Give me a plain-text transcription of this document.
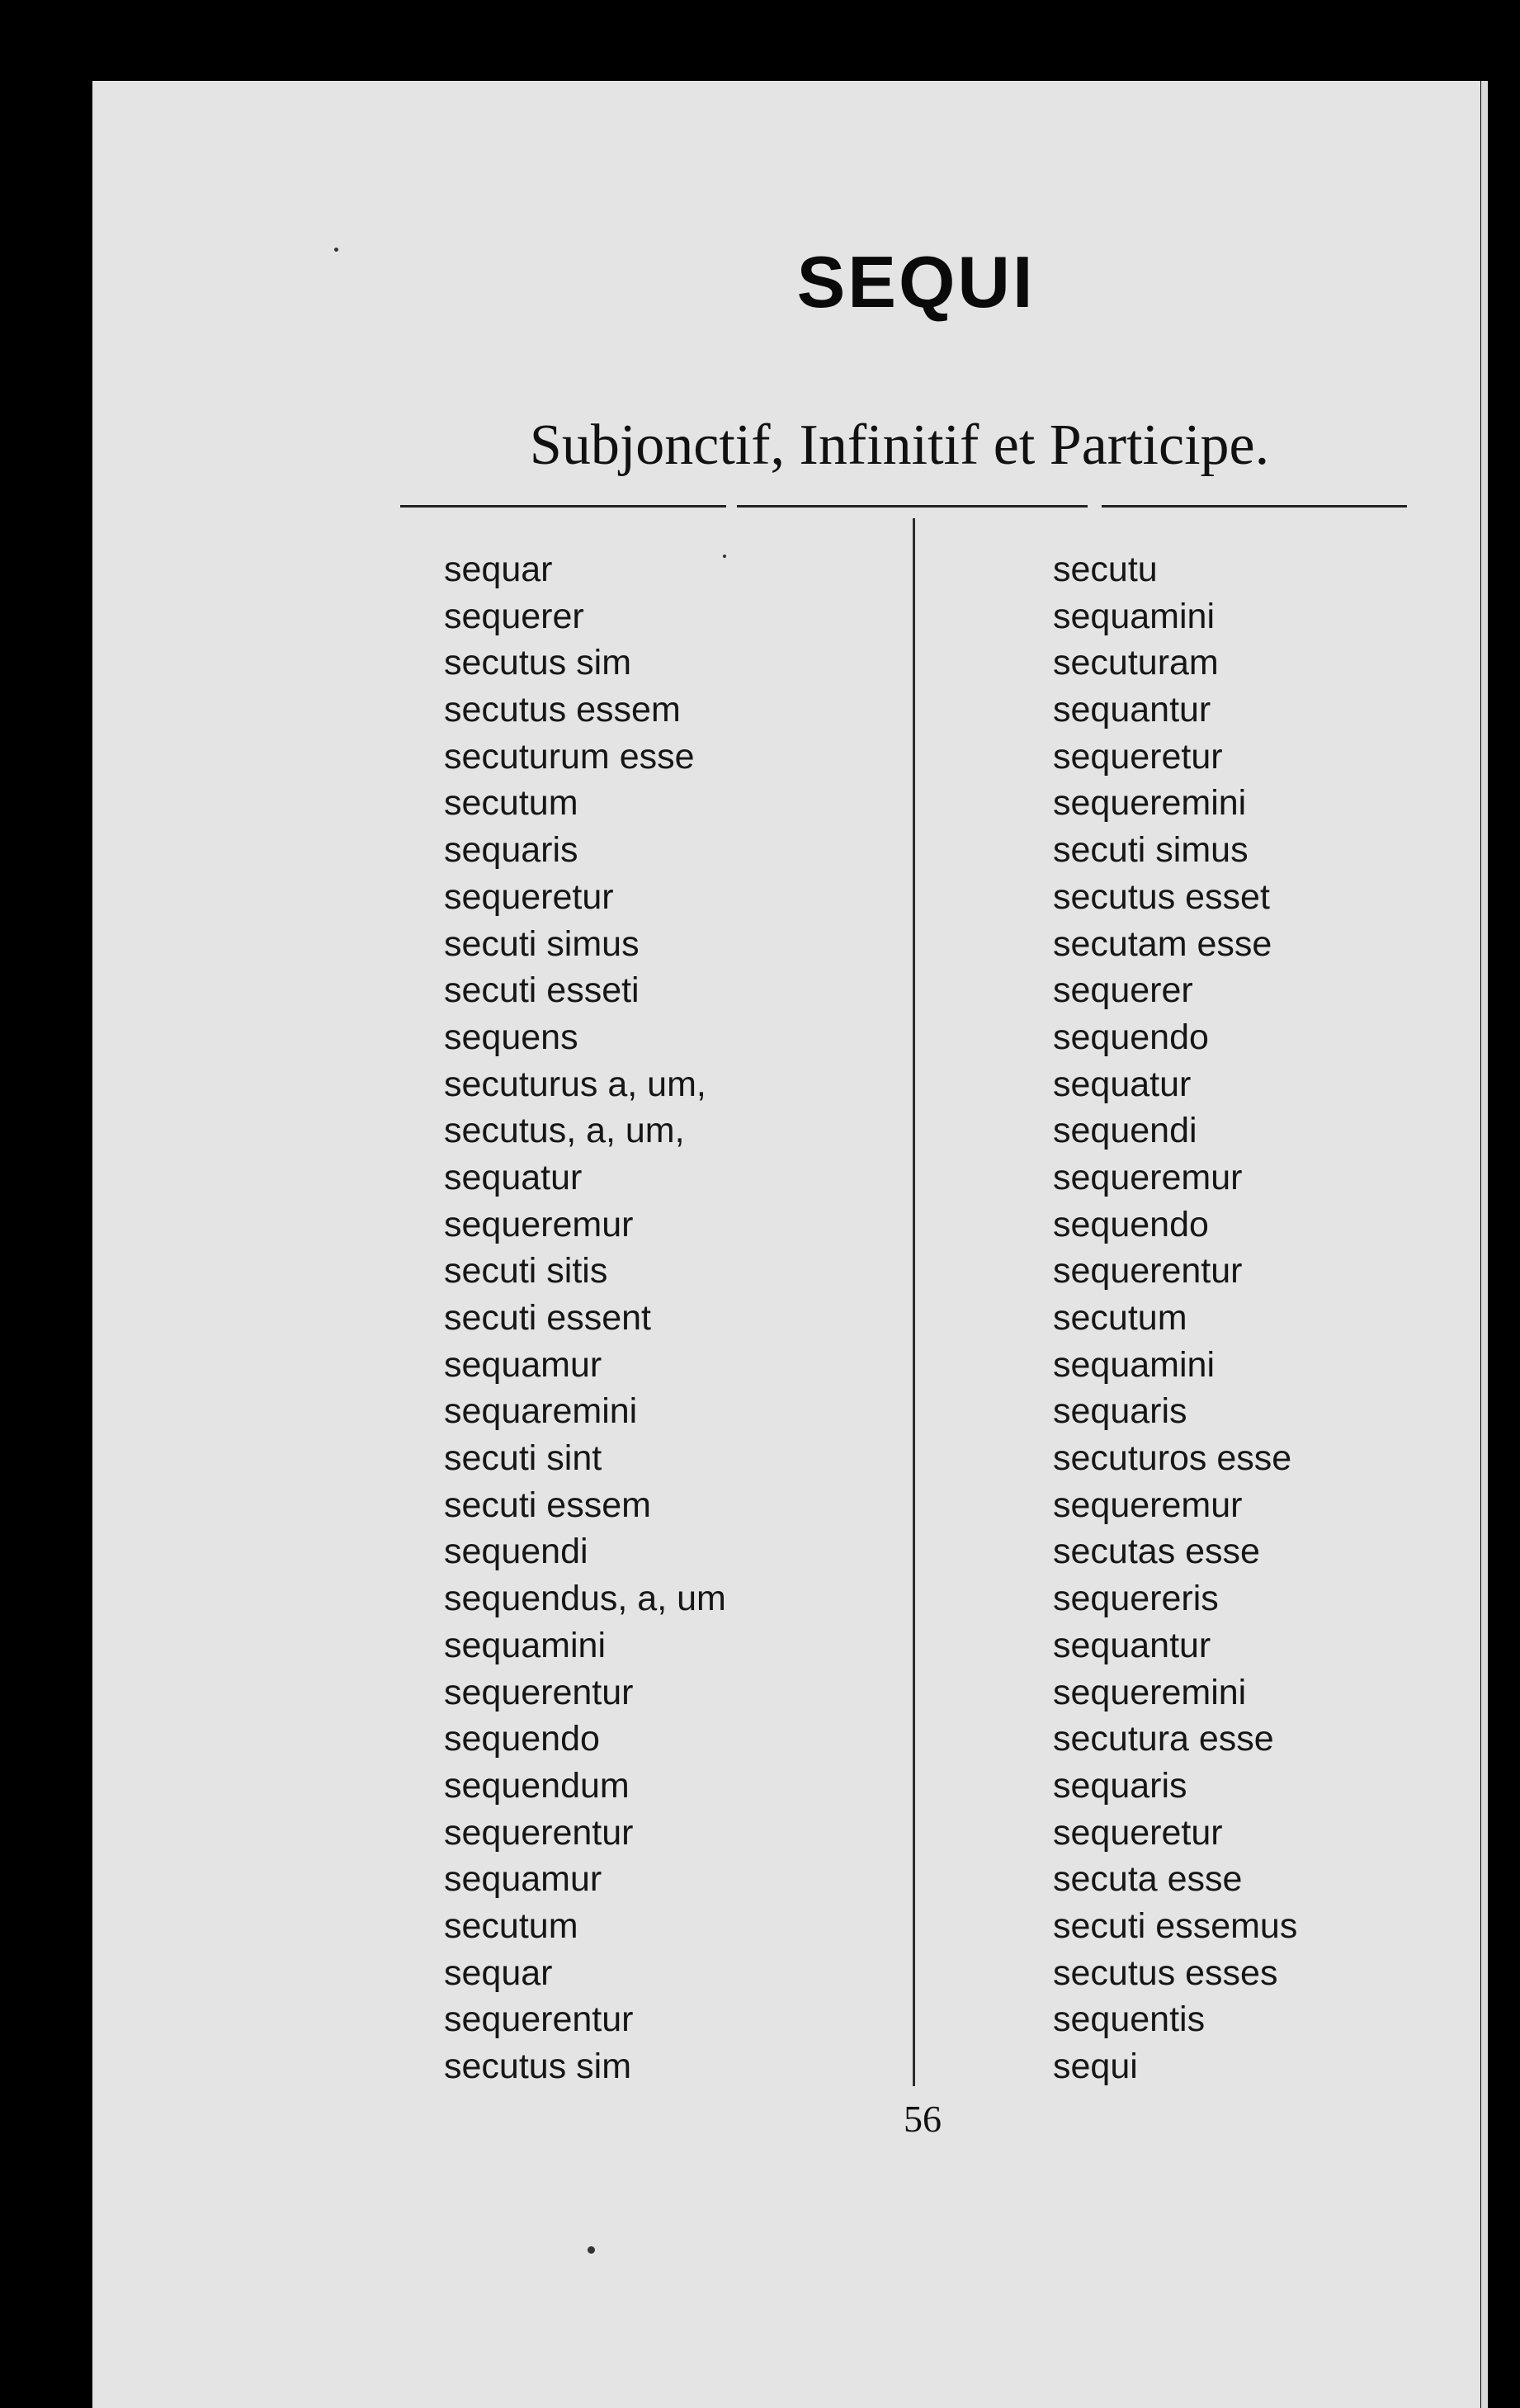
SEQUI
Subjonctif, Infinitif et Participe.
sequar
sequerer
secutus sim
secutus essem
secuturum esse
secutum
sequaris
sequeretur
secuti simus
secuti esseti
sequens
secuturus a, um,
secutus, a, um,
sequatur
sequeremur
secuti sitis
secuti essent
sequamur
sequaremini
secuti sint
secuti essem
sequendi
sequendus, a, um
sequamini
sequerentur
sequendo
sequendum
sequerentur
sequamur
secutum
sequar
sequerentur
secutus sim
secutu
sequamini
secuturam
sequantur
sequeretur
sequeremini
secuti simus
secutus esset
secutam esse
sequerer
sequendo
sequatur
sequendi
sequeremur
sequendo
sequerentur
secutum
sequamini
sequaris
secuturos esse
sequeremur
secutas esse
sequereris
sequantur
sequeremini
secutura esse
sequaris
sequeretur
secuta esse
secuti essemus
secutus esses
sequentis
sequi
56
